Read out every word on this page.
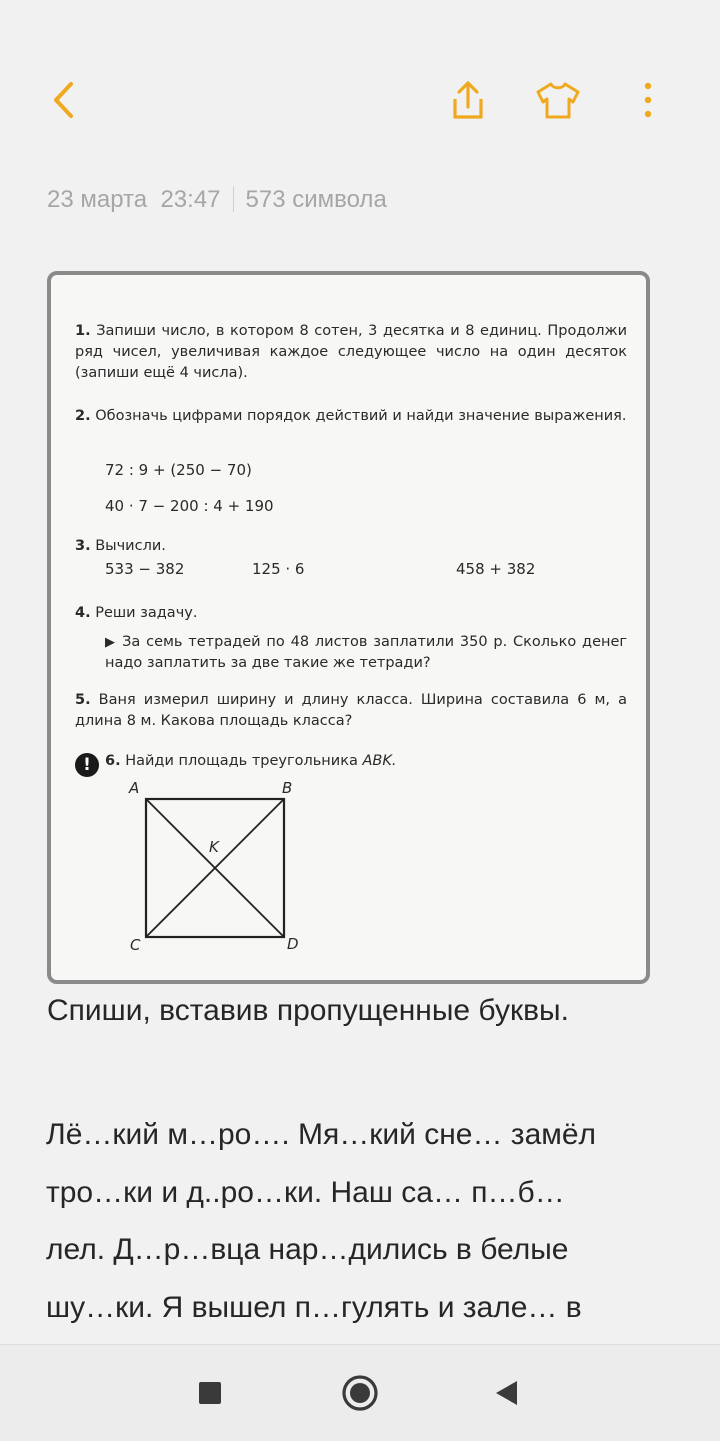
23 марта 23:47 573 символа
1. Запиши число, в котором 8 сотен, 3 десятка и 8 единиц. Продолжи ряд чисел, увеличивая каждое следующее число на один десяток (запиши ещё 4 числа).
2. Обозначь цифрами порядок действий и найди значение выражения.
72 : 9 + (250 − 70)
40 · 7 − 200 : 4 + 190
3. Вычисли.
533 − 382	125 · 6	458 + 382
4. Реши задачу.
▶ За семь тетрадей по 48 листов заплатили 350 р. Сколько денег надо заплатить за две такие же тетради?
5. Ваня измерил ширину и длину класса. Ширина составила 6 м, а длина 8 м. Какова площадь класса?
! 6. Найди площадь треугольника ABK.
A	B
C	D
K
Спиши, вставив пропущенные буквы.
Лё…кий м…ро…. Мя…кий сне… замёл
тро…ки и д..ро…ки. Наш са… п…б…
лел. Д…р…вца нар…дились в белые
шу…ки. Я вышел п…гулять и зале… в
